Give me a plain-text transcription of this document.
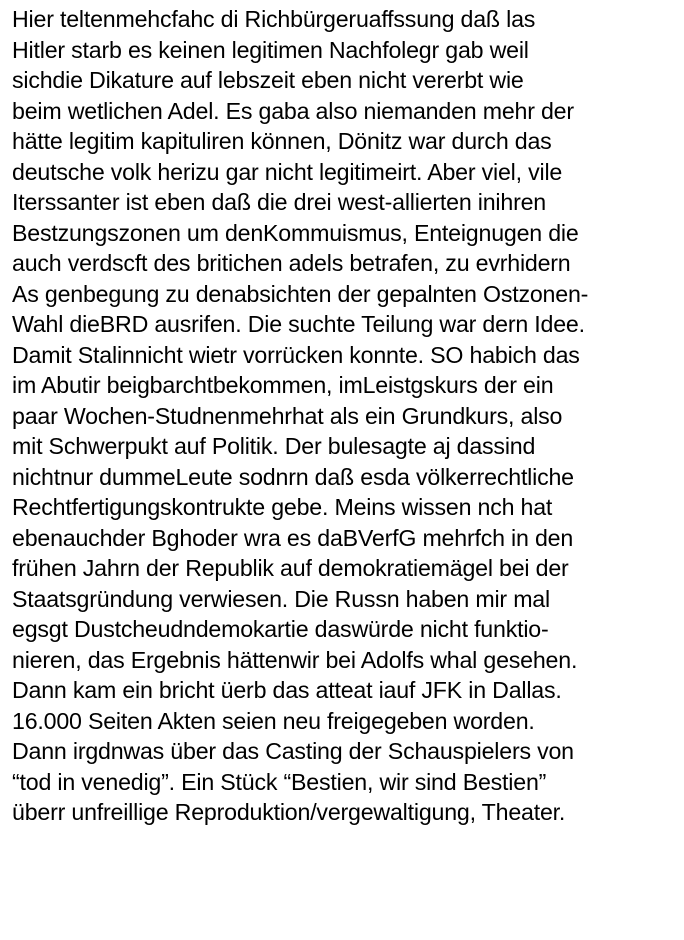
Hier teltenmehcfahc di Richbürgeruaffssung daß las
Hitler starb es keinen legitimen Nachfolegr gab weil
sichdie Dikature auf lebszeit eben nicht vererbt wie
beim wetlichen Adel. Es gaba also niemanden mehr der
hätte legitim kapituliren können, Dönitz war durch das
deutsche volk herizu gar nicht legitimeirt. Aber viel, vile
Iterssanter ist eben daß die drei west-allierten inihren
Bestzungszonen um denKommuismus, Enteignugen die
auch verdscft des britichen adels betrafen, zu evrhidern
As genbegung zu denabsichten der gepalnten Ostzonen-
Wahl dieBRD ausrifen. Die suchte Teilung war dern Idee.
Damit Stalinnicht wietr vorrücken konnte. SO habich das
im Abutir beigbarchtbekommen, imLeistgskurs der ein
paar Wochen-Studnenmehrhat als ein Grundkurs, also
mit Schwerpukt auf Politik. Der bulesagte aj dassind
nichtnur dummeLeute sodnrn daß esda völkerrechtliche
Rechtfertigungskontrukte gebe. Meins wissen nch hat
ebenauchder Bghoder wra es daBVerfG mehrfch in den
frühen Jahrn der Republik auf demokratiemägel bei der
Staatsgründung verwiesen. Die Russn haben mir mal
egsgt Dustcheudndemokartie daswürde nicht funktio-
nieren, das Ergebnis hättenwir bei Adolfs whal gesehen.
Dann kam ein bricht üerb das atteat iauf JFK in Dallas.
16.000 Seiten Akten seien neu freigegeben worden.
Dann irgdnwas über das Casting der Schauspielers von
“tod in venedig”. Ein Stück “Bestien, wir sind Bestien”
überr unfreillige Reproduktion/vergewaltigung, Theater.
